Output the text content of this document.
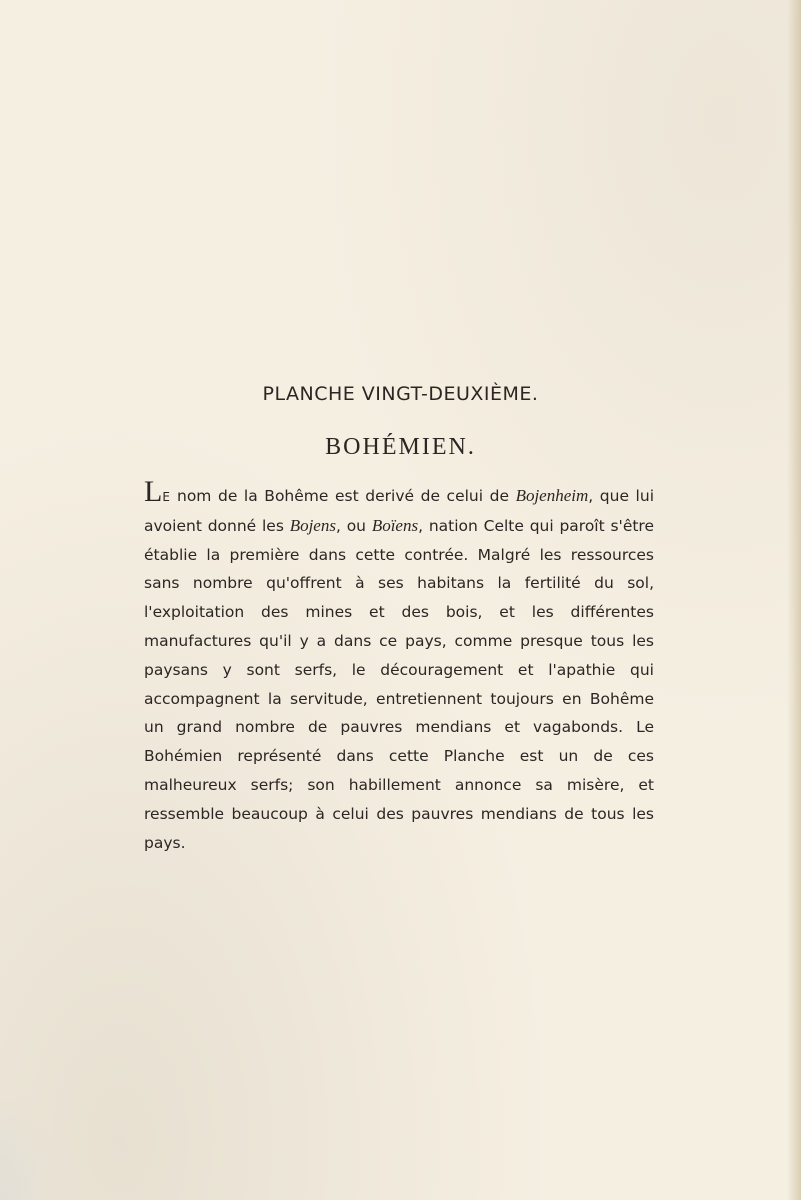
PLANCHE VINGT-DEUXIÈME.
BOHÉMIEN.

LE nom de la Bohême est derivé de celui de Bojenheim, que lui avoient donné les Bojens, ou Boïens, nation Celte qui paroît s'être établie la première dans cette contrée. Malgré les ressources sans nombre qu'offrent à ses habitans la fertilité du sol, l'exploitation des mines et des bois, et les différentes manufactures qu'il y a dans ce pays, comme presque tous les paysans y sont serfs, le découragement et l'apathie qui accompagnent la servitude, entretiennent toujours en Bohême un grand nombre de pauvres mendians et vagabonds. Le Bohémien représenté dans cette Planche est un de ces malheureux serfs; son habillement annonce sa misère, et ressemble beaucoup à celui des pauvres mendians de tous les pays.
